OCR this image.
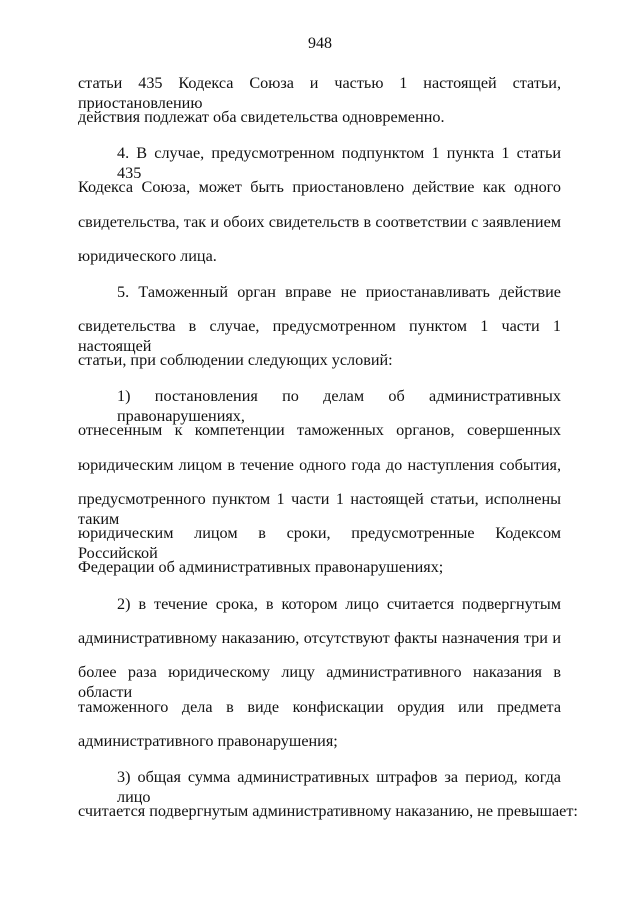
948
статьи 435 Кодекса Союза и частью 1 настоящей статьи, приостановлению
действия подлежат оба свидетельства одновременно.
4. В случае, предусмотренном подпунктом 1 пункта 1 статьи 435
Кодекса Союза, может быть приостановлено действие как одного
свидетельства, так и обоих свидетельств в соответствии с заявлением
юридического лица.
5. Таможенный орган вправе не приостанавливать действие
свидетельства в случае, предусмотренном пунктом 1 части 1 настоящей
статьи, при соблюдении следующих условий:
1) постановления по делам об административных правонарушениях,
отнесенным к компетенции таможенных органов, совершенных
юридическим лицом в течение одного года до наступления события,
предусмотренного пунктом 1 части 1 настоящей статьи, исполнены таким
юридическим лицом в сроки, предусмотренные Кодексом Российской
Федерации об административных правонарушениях;
2) в течение срока, в котором лицо считается подвергнутым
административному наказанию, отсутствуют факты назначения три и
более раза юридическому лицу административного наказания в области
таможенного дела в виде конфискации орудия или предмета
административного правонарушения;
3) общая сумма административных штрафов за период, когда лицо
считается подвергнутым административному наказанию, не превышает:
